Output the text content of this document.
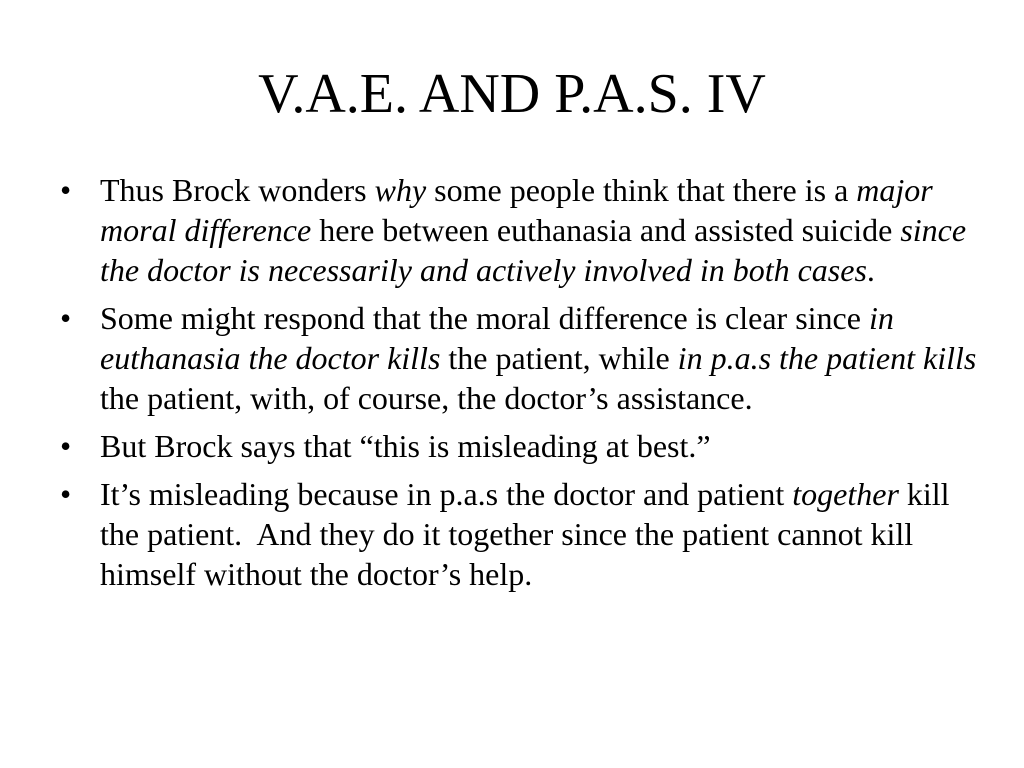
V.A.E. AND P.A.S. IV
• Thus Brock wonders why some people think that there is a major moral difference here between euthanasia and assisted suicide since the doctor is necessarily and actively involved in both cases.
• Some might respond that the moral difference is clear since in euthanasia the doctor kills the patient, while in p.a.s the patient kills the patient, with, of course, the doctor’s assistance.
• But Brock says that “this is misleading at best.”
• It’s misleading because in p.a.s the doctor and patient together kill the patient.  And they do it together since the patient cannot kill himself without the doctor’s help.
